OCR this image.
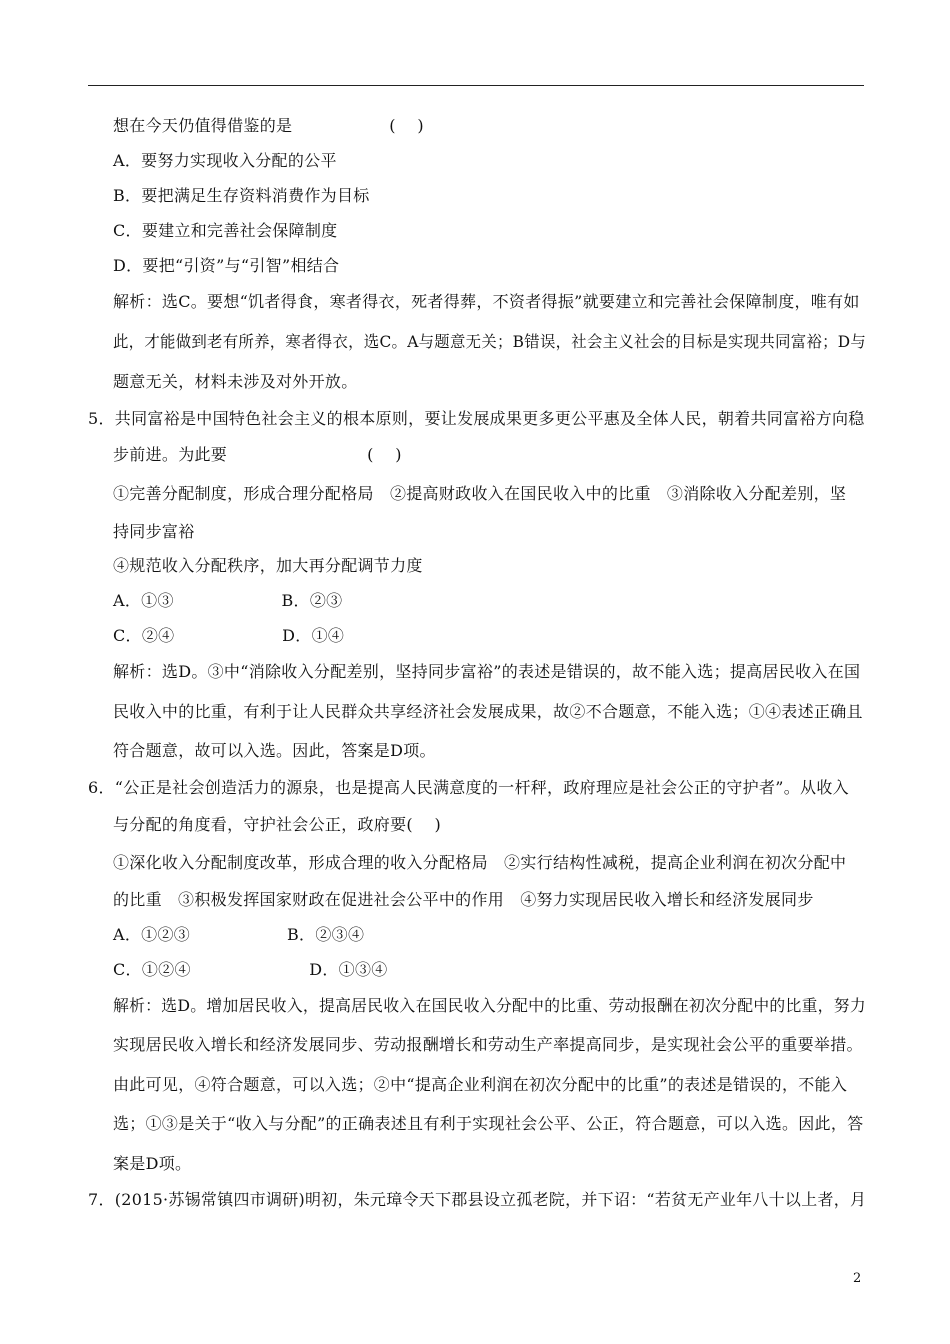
想在今天仍值得借鉴的是                  (    )
A．要努力实现收入分配的公平
B．要把满足生存资料消费作为目标
C．要建立和完善社会保障制度
D．要把“引资”与“引智”相结合
解析：选C。要想“饥者得食，寒者得衣，死者得葬，不资者得振”就要建立和完善社会保障制度，唯有如
此，才能做到老有所养，寒者得衣，选C。A与题意无关；B错误，社会主义社会的目标是实现共同富裕；D与
题意无关，材料未涉及对外开放。
5．共同富裕是中国特色社会主义的根本原则，要让发展成果更多更公平惠及全体人民，朝着共同富裕方向稳
步前进。为此要                          (    )
①完善分配制度，形成合理分配格局   ②提高财政收入在国民收入中的比重   ③消除收入分配差别，坚
持同步富裕
④规范收入分配秩序，加大再分配调节力度
A．①③                    B．②③
C．②④                    D．①④
解析：选D。③中“消除收入分配差别，坚持同步富裕”的表述是错误的，故不能入选；提高居民收入在国
民收入中的比重，有利于让人民群众共享经济社会发展成果，故②不合题意，不能入选；①④表述正确且
符合题意，故可以入选。因此，答案是D项。
6．“公正是社会创造活力的源泉，也是提高人民满意度的一杆秤，政府理应是社会公正的守护者”。从收入
与分配的角度看，守护社会公正，政府要(    )
①深化收入分配制度改革，形成合理的收入分配格局   ②实行结构性减税，提高企业利润在初次分配中
的比重   ③积极发挥国家财政在促进社会公平中的作用   ④努力实现居民收入增长和经济发展同步
A．①②③                  B．②③④
C．①②④                      D．①③④
解析：选D。增加居民收入，提高居民收入在国民收入分配中的比重、劳动报酬在初次分配中的比重，努力
实现居民收入增长和经济发展同步、劳动报酬增长和劳动生产率提高同步，是实现社会公平的重要举措。
由此可见，④符合题意，可以入选；②中“提高企业利润在初次分配中的比重”的表述是错误的，不能入
选；①③是关于“收入与分配”的正确表述且有利于实现社会公平、公正，符合题意，可以入选。因此，答
案是D项。
7．(2015·苏锡常镇四市调研)明初，朱元璋令天下郡县设立孤老院，并下诏：“若贫无产业年八十以上者，月
2
